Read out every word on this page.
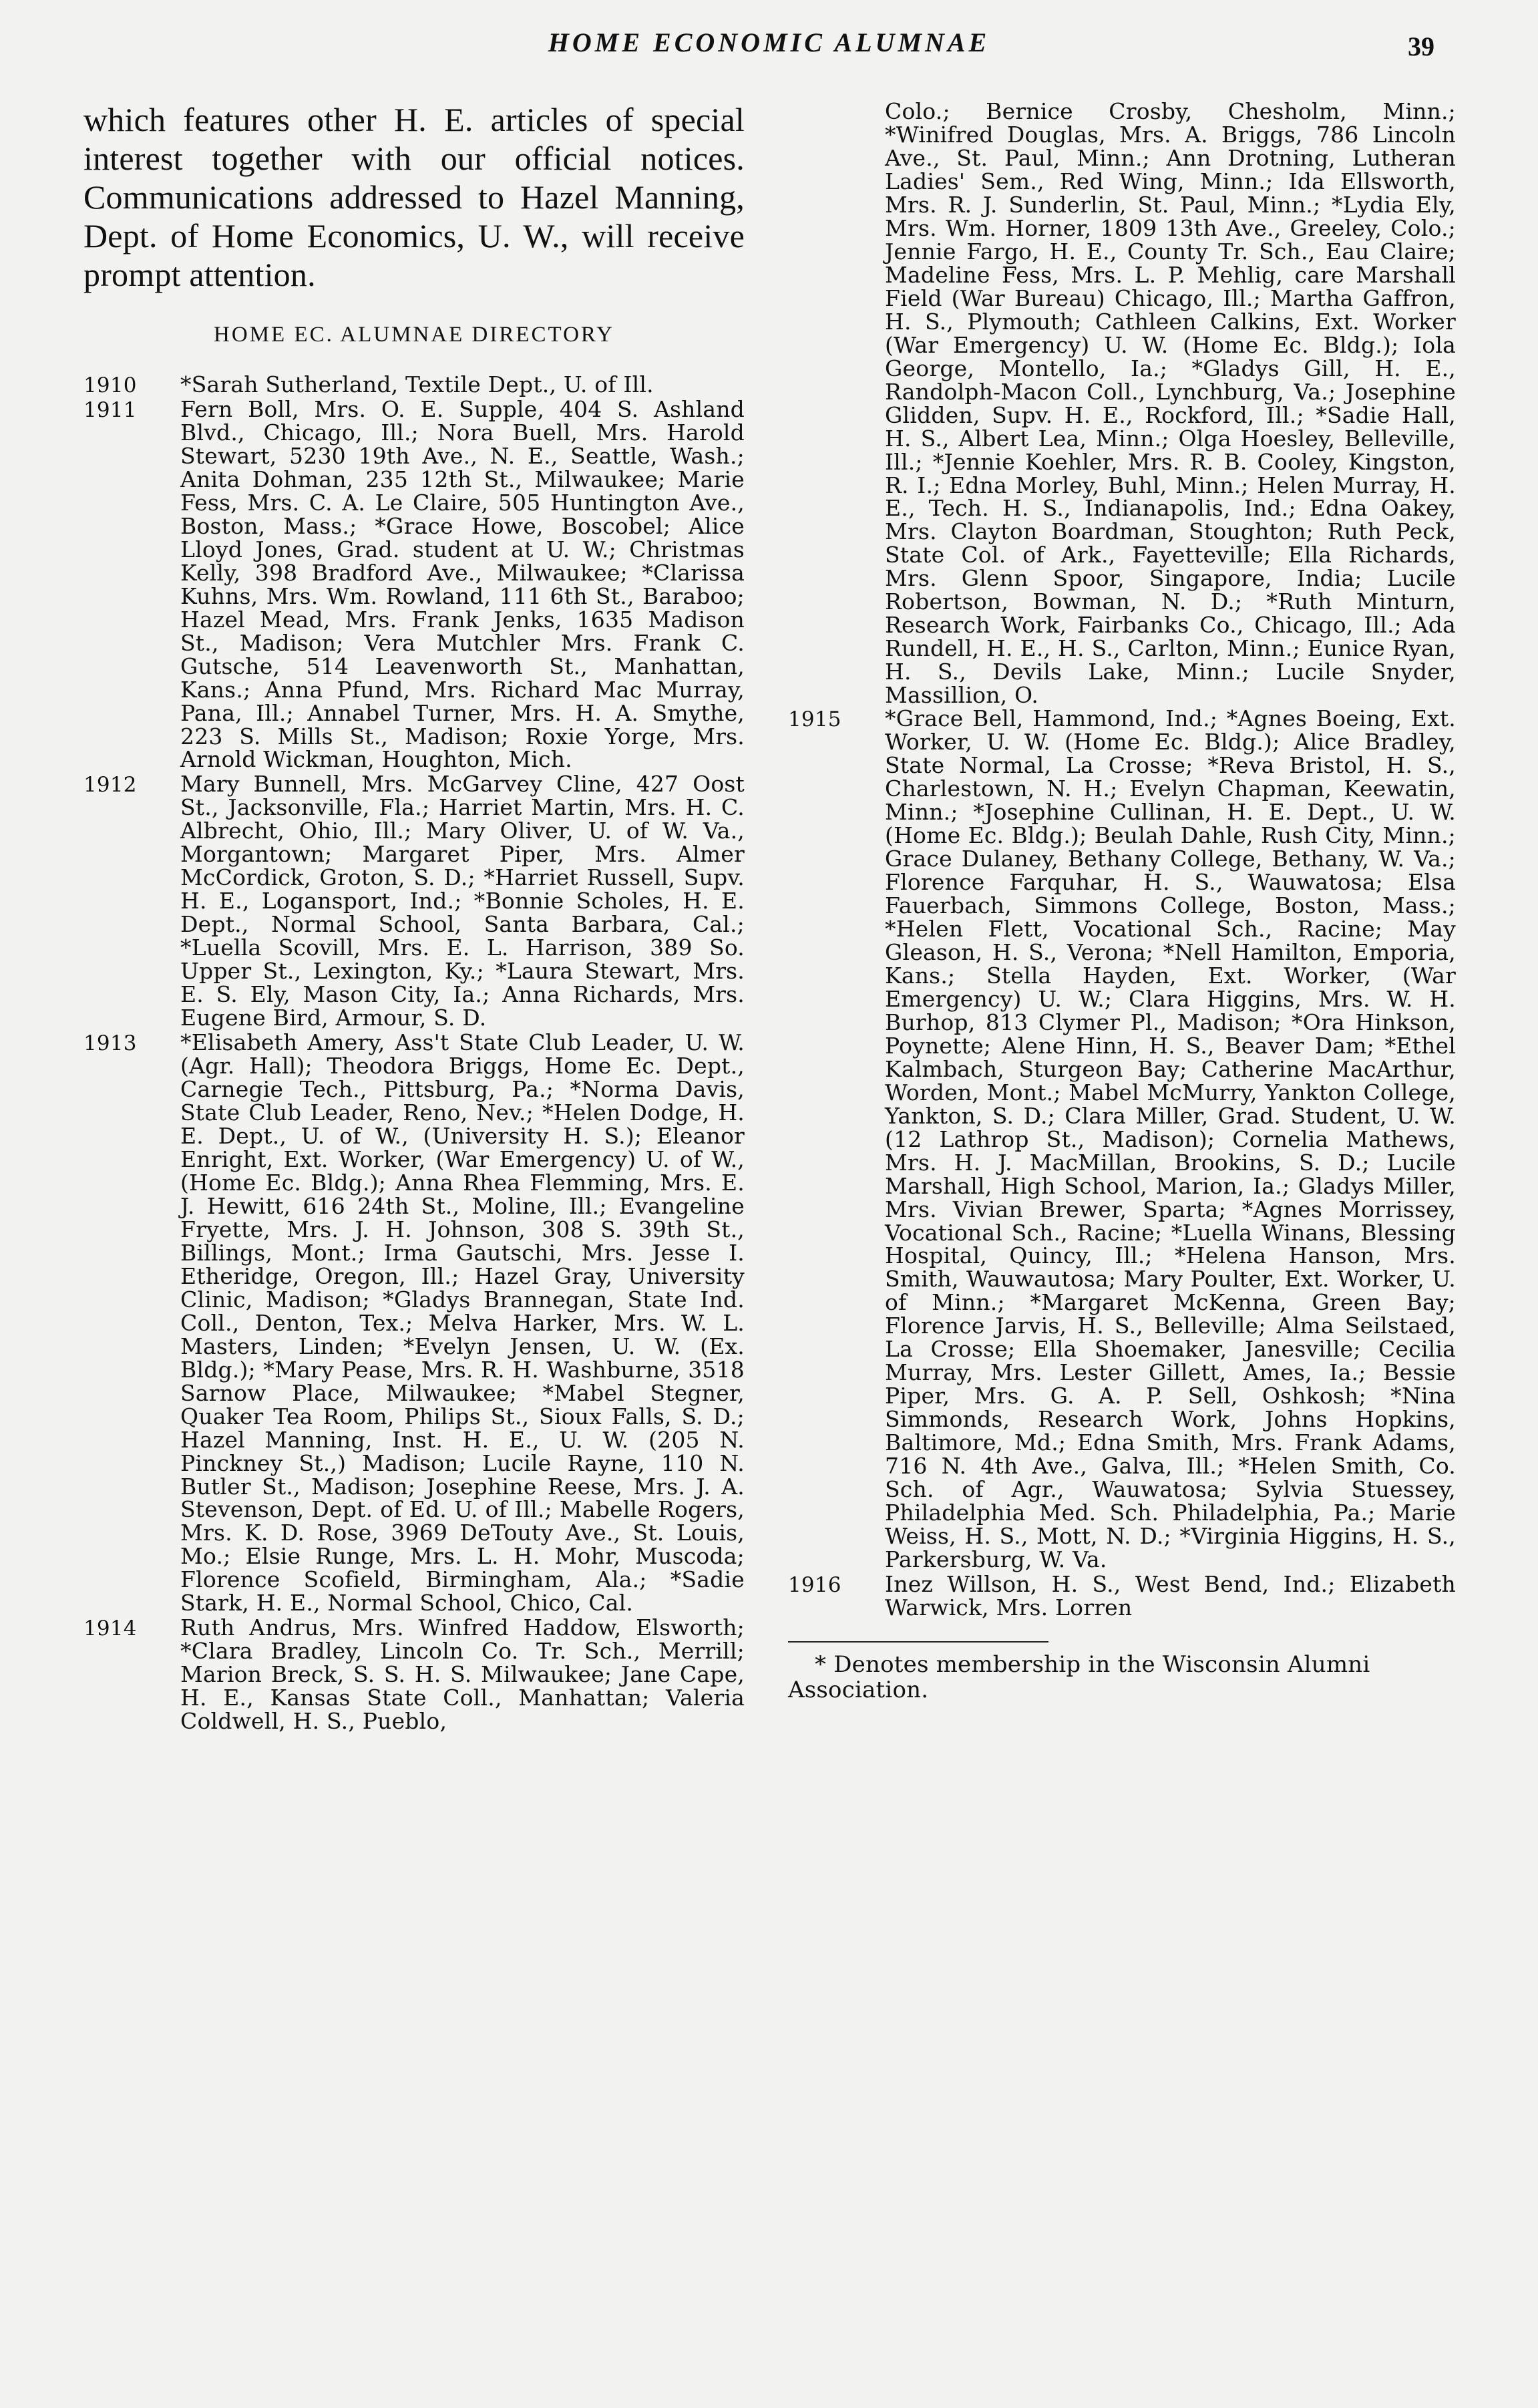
HOME ECONOMIC ALUMNAE	39

which features other H. E. articles of special interest together with our official notices. Communications addressed to Hazel Manning, Dept. of Home Economics, U. W., will receive prompt attention.

HOME EC. ALUMNAE DIRECTORY
1910	*Sarah Sutherland, Textile Dept., U. of Ill.
1911	Fern Boll, Mrs. O. E. Supple, 404 S. Ashland Blvd., Chicago, Ill.; Nora Buell, Mrs. Harold Stewart, 5230 19th Ave., N. E., Seattle, Wash.; Anita Dohman, 235 12th St., Milwaukee; Marie Fess, Mrs. C. A. Le Claire, 505 Huntington Ave., Boston, Mass.; *Grace Howe, Boscobel; Alice Lloyd Jones, Grad. student at U. W.; Christmas Kelly, 398 Bradford Ave., Milwaukee; *Clarissa Kuhns, Mrs. Wm. Rowland, 111 6th St., Baraboo; Hazel Mead, Mrs. Frank Jenks, 1635 Madison St., Madison; Vera Mutchler Mrs. Frank C. Gutsche, 514 Leavenworth St., Manhattan, Kans.; Anna Pfund, Mrs. Richard Mac Murray, Pana, Ill.; Annabel Turner, Mrs. H. A. Smythe, 223 S. Mills St., Madison; Roxie Yorge, Mrs. Arnold Wickman, Houghton, Mich.
1912	Mary Bunnell, Mrs. McGarvey Cline, 427 Oost St., Jacksonville, Fla.; Harriet Martin, Mrs. H. C. Albrecht, Ohio, Ill.; Mary Oliver, U. of W. Va., Morgantown; Margaret Piper, Mrs. Almer McCordick, Groton, S. D.; *Harriet Russell, Supv. H. E., Logansport, Ind.; *Bonnie Scholes, H. E. Dept., Normal School, Santa Barbara, Cal.; *Luella Scovill, Mrs. E. L. Harrison, 389 So. Upper St., Lexington, Ky.; *Laura Stewart, Mrs. E. S. Ely, Mason City, Ia.; Anna Richards, Mrs. Eugene Bird, Armour, S. D.
1913	*Elisabeth Amery, Ass't State Club Leader, U. W. (Agr. Hall); Theodora Briggs, Home Ec. Dept., Carnegie Tech., Pittsburg, Pa.; *Norma Davis, State Club Leader, Reno, Nev.; *Helen Dodge, H. E. Dept., U. of W., (University H. S.); Eleanor Enright, Ext. Worker, (War Emergency) U. of W., (Home Ec. Bldg.); Anna Rhea Flemming, Mrs. E. J. Hewitt, 616 24th St., Moline, Ill.; Evangeline Fryette, Mrs. J. H. Johnson, 308 S. 39th St., Billings, Mont.; Irma Gautschi, Mrs. Jesse I. Etheridge, Oregon, Ill.; Hazel Gray, University Clinic, Madison; *Gladys Brannegan, State Ind. Coll., Denton, Tex.; Melva Harker, Mrs. W. L. Masters, Linden; *Evelyn Jensen, U. W. (Ex. Bldg.); *Mary Pease, Mrs. R. H. Washburne, 3518 Sarnow Place, Milwaukee; *Mabel Stegner, Quaker Tea Room, Philips St., Sioux Falls, S. D.; Hazel Manning, Inst. H. E., U. W. (205 N. Pinckney St.,) Madison; Lucile Rayne, 110 N. Butler St., Madison; Josephine Reese, Mrs. J. A. Stevenson, Dept. of Ed. U. of Ill.; Mabelle Rogers, Mrs. K. D. Rose, 3969 DeTouty Ave., St. Louis, Mo.; Elsie Runge, Mrs. L. H. Mohr, Muscoda; Florence Scofield, Birmingham, Ala.; *Sadie Stark, H. E., Normal School, Chico, Cal.
1914	Ruth Andrus, Mrs. Winfred Haddow, Elsworth; *Clara Bradley, Lincoln Co. Tr. Sch., Merrill; Marion Breck, S. S. H. S. Milwaukee; Jane Cape, H. E., Kansas State Coll., Manhattan; Valeria Coldwell, H. S., Pueblo,
Colo.; Bernice Crosby, Chesholm, Minn.; *Winifred Douglas, Mrs. A. Briggs, 786 Lincoln Ave., St. Paul, Minn.; Ann Drotning, Lutheran Ladies' Sem., Red Wing, Minn.; Ida Ellsworth, Mrs. R. J. Sunderlin, St. Paul, Minn.; *Lydia Ely, Mrs. Wm. Horner, 1809 13th Ave., Greeley, Colo.; Jennie Fargo, H. E., County Tr. Sch., Eau Claire; Madeline Fess, Mrs. L. P. Mehlig, care Marshall Field (War Bureau) Chicago, Ill.; Martha Gaffron, H. S., Plymouth; Cathleen Calkins, Ext. Worker (War Emergency) U. W. (Home Ec. Bldg.); Iola George, Montello, Ia.; *Gladys Gill, H. E., Randolph-Macon Coll., Lynchburg, Va.; Josephine Glidden, Supv. H. E., Rockford, Ill.; *Sadie Hall, H. S., Albert Lea, Minn.; Olga Hoesley, Belleville, Ill.; *Jennie Koehler, Mrs. R. B. Cooley, Kingston, R. I.; Edna Morley, Buhl, Minn.; Helen Murray, H. E., Tech. H. S., Indianapolis, Ind.; Edna Oakey, Mrs. Clayton Boardman, Stoughton; Ruth Peck, State Col. of Ark., Fayetteville; Ella Richards, Mrs. Glenn Spoor, Singapore, India; Lucile Robertson, Bowman, N. D.; *Ruth Minturn, Research Work, Fairbanks Co., Chicago, Ill.; Ada Rundell, H. E., H. S., Carlton, Minn.; Eunice Ryan, H. S., Devils Lake, Minn.; Lucile Snyder, Massillion, O.
1915	*Grace Bell, Hammond, Ind.; *Agnes Boeing, Ext. Worker, U. W. (Home Ec. Bldg.); Alice Bradley, State Normal, La Crosse; *Reva Bristol, H. S., Charlestown, N. H.; Evelyn Chapman, Keewatin, Minn.; *Josephine Cullinan, H. E. Dept., U. W. (Home Ec. Bldg.); Beulah Dahle, Rush City, Minn.; Grace Dulaney, Bethany College, Bethany, W. Va.; Florence Farquhar, H. S., Wauwatosa; Elsa Fauerbach, Simmons College, Boston, Mass.; *Helen Flett, Vocational Sch., Racine; May Gleason, H. S., Verona; *Nell Hamilton, Emporia, Kans.; Stella Hayden, Ext. Worker, (War Emergency) U. W.; Clara Higgins, Mrs. W. H. Burhop, 813 Clymer Pl., Madison; *Ora Hinkson, Poynette; Alene Hinn, H. S., Beaver Dam; *Ethel Kalmbach, Sturgeon Bay; Catherine MacArthur, Worden, Mont.; Mabel McMurry, Yankton College, Yankton, S. D.; Clara Miller, Grad. Student, U. W. (12 Lathrop St., Madison); Cornelia Mathews, Mrs. H. J. MacMillan, Brookins, S. D.; Lucile Marshall, High School, Marion, Ia.; Gladys Miller, Mrs. Vivian Brewer, Sparta; *Agnes Morrissey, Vocational Sch., Racine; *Luella Winans, Blessing Hospital, Quincy, Ill.; *Helena Hanson, Mrs. Smith, Wauwautosa; Mary Poulter, Ext. Worker, U. of Minn.; *Margaret McKenna, Green Bay; Florence Jarvis, H. S., Belleville; Alma Seilstaed, La Crosse; Ella Shoemaker, Janesville; Cecilia Murray, Mrs. Lester Gillett, Ames, Ia.; Bessie Piper, Mrs. G. A. P. Sell, Oshkosh; *Nina Simmonds, Research Work, Johns Hopkins, Baltimore, Md.; Edna Smith, Mrs. Frank Adams, 716 N. 4th Ave., Galva, Ill.; *Helen Smith, Co. Sch. of Agr., Wauwatosa; Sylvia Stuessey, Philadelphia Med. Sch. Philadelphia, Pa.; Marie Weiss, H. S., Mott, N. D.; *Virginia Higgins, H. S., Parkersburg, W. Va.
1916	Inez Willson, H. S., West Bend, Ind.; Elizabeth Warwick, Mrs. Lorren
* Denotes membership in the Wisconsin Alumni Association.
